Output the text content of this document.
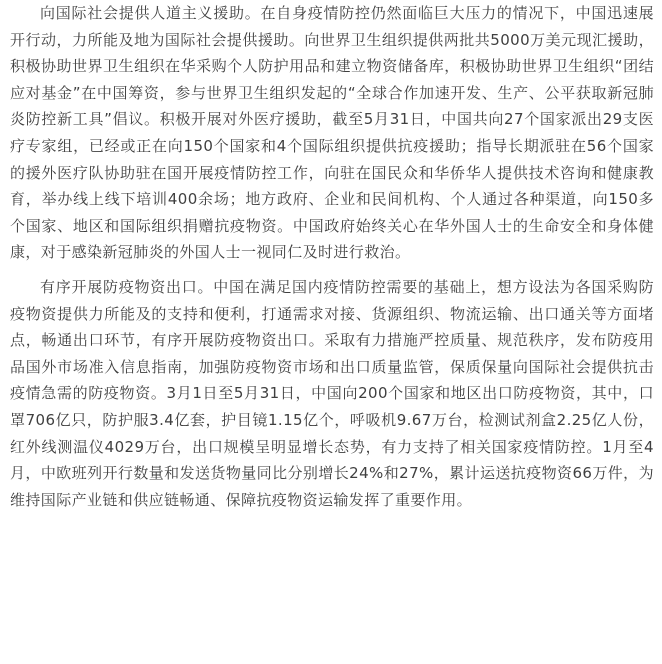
向国际社会提供人道主义援助。在自身疫情防控仍然面临巨大压力的情况下，中国迅速展开行动，力所能及地为国际社会提供援助。向世界卫生组织提供两批共5000万美元现汇援助，积极协助世界卫生组织在华采购个人防护用品和建立物资储备库，积极协助世界卫生组织“团结应对基金”在中国筹资，参与世界卫生组织发起的“全球合作加速开发、生产、公平获取新冠肺炎防控新工具”倡议。积极开展对外医疗援助，截至5月31日，中国共向27个国家派出29支医疗专家组，已经或正在向150个国家和4个国际组织提供抗疫援助；指导长期派驻在56个国家的援外医疗队协助驻在国开展疫情防控工作，向驻在国民众和华侨华人提供技术咨询和健康教育，举办线上线下培训400余场；地方政府、企业和民间机构、个人通过各种渠道，向150多个国家、地区和国际组织捐赠抗疫物资。中国政府始终关心在华外国人士的生命安全和身体健康，对于感染新冠肺炎的外国人士一视同仁及时进行救治。

有序开展防疫物资出口。中国在满足国内疫情防控需要的基础上，想方设法为各国采购防疫物资提供力所能及的支持和便利，打通需求对接、货源组织、物流运输、出口通关等方面堵点，畅通出口环节，有序开展防疫物资出口。采取有力措施严控质量、规范秩序，发布防疫用品国外市场准入信息指南，加强防疫物资市场和出口质量监管，保质保量向国际社会提供抗击疫情急需的防疫物资。3月1日至5月31日，中国向200个国家和地区出口防疫物资，其中，口罩706亿只，防护服3.4亿套，护目镜1.15亿个，呼吸机9.67万台，检测试剂盒2.25亿人份，红外线测温仪4029万台，出口规模呈明显增长态势，有力支持了相关国家疫情防控。1月至4月，中欧班列开行数量和发送货物量同比分别增长24%和27%，累计运送抗疫物资66万件，为维持国际产业链和供应链畅通、保障抗疫物资运输发挥了重要作用。
